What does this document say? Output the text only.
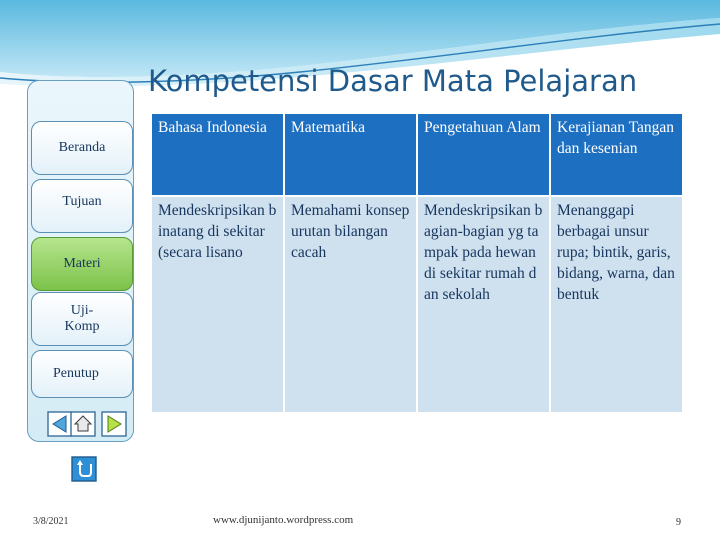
Kompetensi Dasar Mata Pelajaran
Beranda
Tujuan
Materi
Uji-Komp
Penutup
Bahasa Indonesia	Matematika	Pengetahuan Alam	Kerajianan Tangan dan kesenian
Mendeskripsikan binatang di sekitar (secara lisano	Memahami konsep urutan bilangan cacah	Mendeskripsikan bagian-bagian yg tampak pada hewan di sekitar rumah dan sekolah	Menanggapi berbagai unsur rupa; bintik, garis, bidang, warna, dan bentuk
3/8/2021	www.djunijanto.wordpress.com	9
